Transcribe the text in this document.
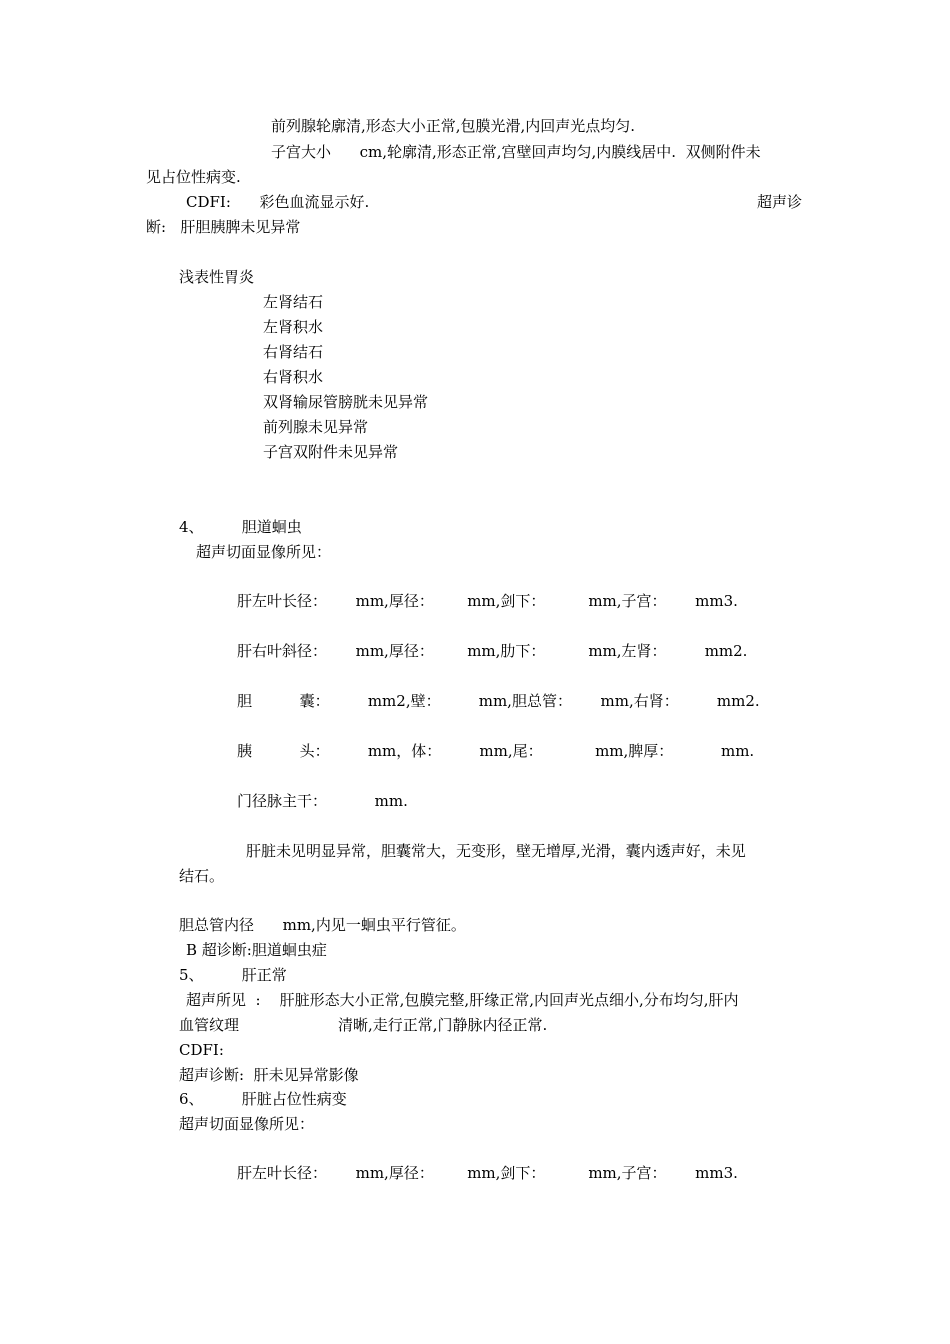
前列腺轮廓清,形态大小正常,包膜光滑,内回声光点均匀.
子宫大小      cm,轮廓清,形态正常,宫壁回声均匀,内膜线居中.  双侧附件未
见占位性病变.
CDFI:      彩色血流显示好.	超声诊
断:   肝胆胰脾未见异常
浅表性胃炎
左肾结石
左肾积水
右肾结石
右肾积水
双肾输尿管膀胱未见异常
前列腺未见异常
子宫双附件未见异常
4、        胆道蛔虫
超声切面显像所见：
肝左叶长径：      mm,厚径：       mm,剑下：         mm,子宫：      mm3.
肝右叶斜径：      mm,厚径：       mm,肋下：         mm,左肾：        mm2.
胆          囊：        mm2,壁：        mm,胆总管：      mm,右肾：        mm2.
胰          头：        mm，体：        mm,尾：           mm,脾厚：          mm.
门径脉主干：          mm.
肝脏未见明显异常，胆囊常大，无变形，壁无增厚,光滑，囊内透声好，未见
结石。
胆总管内径      mm,内见一蛔虫平行管征。
B 超诊断:胆道蛔虫症
5、        肝正常
超声所见  :    肝脏形态大小正常,包膜完整,肝缘正常,内回声光点细小,分布均匀,肝内
血管纹理	清晰,走行正常,门静脉内径正常.
CDFI:
超声诊断:  肝未见异常影像
6、        肝脏占位性病变
超声切面显像所见：
肝左叶长径：      mm,厚径：       mm,剑下：         mm,子宫：      mm3.
